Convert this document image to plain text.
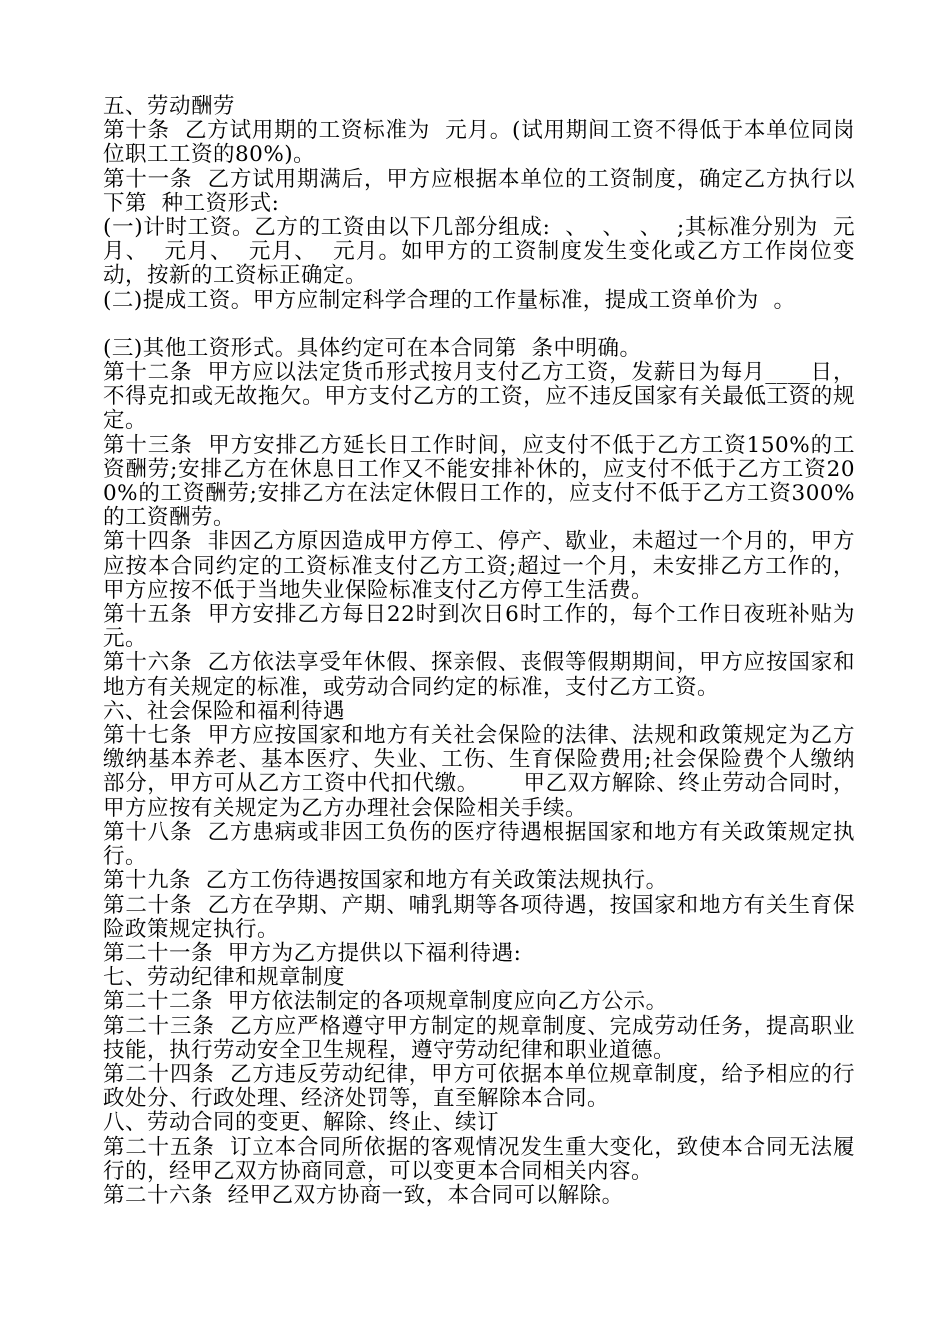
五、劳动酬劳

第十条  乙方试用期的工资标准为  元月。(试用期间工资不得低于本单位同岗位职工工资的80%)。

第十一条  乙方试用期满后，甲方应根据本单位的工资制度，确定乙方执行以下第  种工资形式:

(一)计时工资。乙方的工资由以下几部分组成:  、  、  、  ;其标准分别为  元月、  元月、  元月、  元月。如甲方的工资制度发生变化或乙方工作岗位变动，按新的工资标正确定。

(二)提成工资。甲方应制定科学合理的工作量标准，提成工资单价为  。

(三)其他工资形式。具体约定可在本合同第  条中明确。

第十二条  甲方应以法定货币形式按月支付乙方工资，发薪日为每月____日，不得克扣或无故拖欠。甲方支付乙方的工资，应不违反国家有关最低工资的规定。

第十三条  甲方安排乙方延长日工作时间，应支付不低于乙方工资150%的工资酬劳;安排乙方在休息日工作又不能安排补休的，应支付不低于乙方工资200%的工资酬劳;安排乙方在法定休假日工作的，应支付不低于乙方工资300%的工资酬劳。

第十四条  非因乙方原因造成甲方停工、停产、歇业，未超过一个月的，甲方应按本合同约定的工资标准支付乙方工资;超过一个月，未安排乙方工作的，甲方应按不低于当地失业保险标准支付乙方停工生活费。

第十五条  甲方安排乙方每日22时到次日6时工作的，每个工作日夜班补贴为  元。

第十六条  乙方依法享受年休假、探亲假、丧假等假期期间，甲方应按国家和地方有关规定的标准，或劳动合同约定的标准，支付乙方工资。

六、社会保险和福利待遇

第十七条  甲方应按国家和地方有关社会保险的法律、法规和政策规定为乙方缴纳基本养老、基本医疗、失业、工伤、生育保险费用;社会保险费个人缴纳部分，甲方可从乙方工资中代扣代缴。      甲乙双方解除、终止劳动合同时，甲方应按有关规定为乙方办理社会保险相关手续。

第十八条  乙方患病或非因工负伤的医疗待遇根据国家和地方有关政策规定执行。

第十九条  乙方工伤待遇按国家和地方有关政策法规执行。

第二十条  乙方在孕期、产期、哺乳期等各项待遇，按国家和地方有关生育保险政策规定执行。

第二十一条  甲方为乙方提供以下福利待遇:

七、劳动纪律和规章制度

第二十二条  甲方依法制定的各项规章制度应向乙方公示。

第二十三条  乙方应严格遵守甲方制定的规章制度、完成劳动任务，提高职业技能，执行劳动安全卫生规程，遵守劳动纪律和职业道德。

第二十四条  乙方违反劳动纪律，甲方可依据本单位规章制度，给予相应的行政处分、行政处理、经济处罚等，直至解除本合同。

八、劳动合同的变更、解除、终止、续订

第二十五条  订立本合同所依据的客观情况发生重大变化，致使本合同无法履行的，经甲乙双方协商同意，可以变更本合同相关内容。

第二十六条  经甲乙双方协商一致，本合同可以解除。
